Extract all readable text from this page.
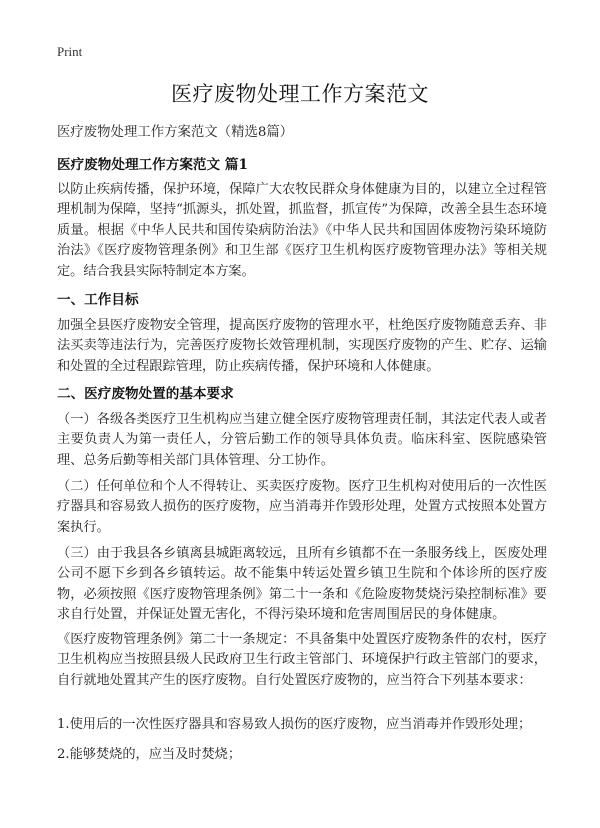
Print
医疗废物处理工作方案范文
医疗废物处理工作方案范文（精选8篇）
医疗废物处理工作方案范文 篇1
以防止疾病传播，保护环境，保障广大农牧民群众身体健康为目的，以建立全过程管理机制为保障，坚持“抓源头，抓处置，抓监督，抓宣传”为保障，改善全县生态环境质量。根据《中华人民共和国传染病防治法》《中华人民共和国固体废物污染环境防治法》《医疗废物管理条例》和卫生部《医疗卫生机构医疗废物管理办法》等相关规定。结合我县实际特制定本方案。
一、工作目标
加强全县医疗废物安全管理，提高医疗废物的管理水平，杜绝医疗废物随意丢弃、非法买卖等违法行为，完善医疗废物长效管理机制，实现医疗废物的产生、贮存、运输和处置的全过程跟踪管理，防止疾病传播，保护环境和人体健康。
二、医疗废物处置的基本要求
（一）各级各类医疗卫生机构应当建立健全医疗废物管理责任制，其法定代表人或者主要负责人为第一责任人，分管后勤工作的领导具体负责。临床科室、医院感染管理、总务后勤等相关部门具体管理、分工协作。
（二）任何单位和个人不得转让、买卖医疗废物。医疗卫生机构对使用后的一次性医疗器具和容易致人损伤的医疗废物，应当消毒并作毁形处理，处置方式按照本处置方案执行。
（三）由于我县各乡镇离县城距离较远，且所有乡镇都不在一条服务线上，医废处理公司不愿下乡到各乡镇转运。故不能集中转运处置乡镇卫生院和个体诊所的医疗废物，必须按照《医疗废物管理条例》第二十一条和《危险废物焚烧污染控制标准》要求自行处置，并保证处置无害化，不得污染环境和危害周围居民的身体健康。
《医疗废物管理条例》第二十一条规定：不具备集中处置医疗废物条件的农村，医疗卫生机构应当按照县级人民政府卫生行政主管部门、环境保护行政主管部门的要求，自行就地处置其产生的医疗废物。自行处置医疗废物的，应当符合下列基本要求：
1.使用后的一次性医疗器具和容易致人损伤的医疗废物，应当消毒并作毁形处理；
2.能够焚烧的，应当及时焚烧；
